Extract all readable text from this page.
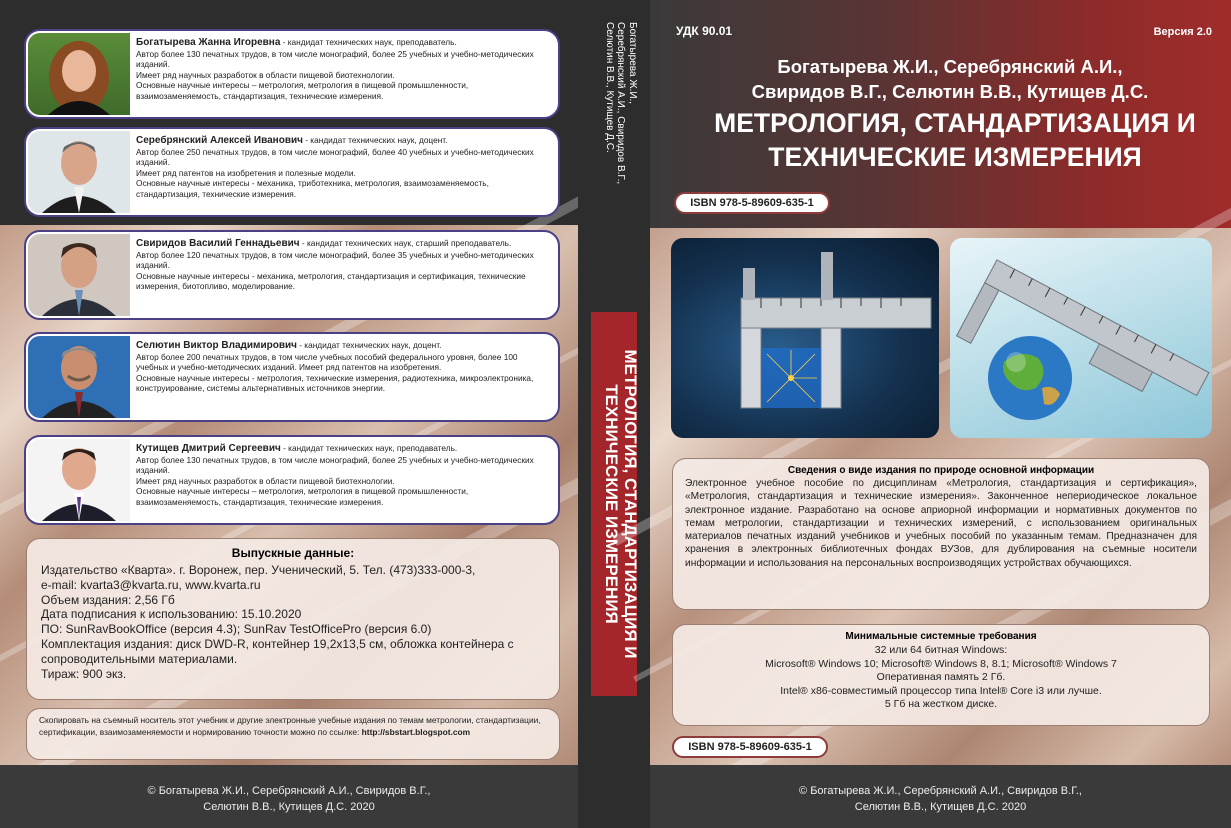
Богатырева Жанна Игоревна - кандидат технических наук, преподаватель.
Автор более 130 печатных трудов, в том числе монографий, более 25 учебных и учебно-методических изданий.
Имеет ряд научных разработок в области пищевой биотехнологии.
Основные научные интересы – метрология, метрология в пищевой промышленности, взаимозаменяемость, стандартизация, технические измерения.
Серебрянский Алексей Иванович - кандидат технических наук, доцент.
Автор более 250 печатных трудов, в том числе монографий, более 40 учебных и учебно-методических изданий.
Имеет ряд патентов на изобретения и полезные модели.
Основные научные интересы - механика, триботехника, метрология, взаимозаменяемость, стандартизация, технические измерения.
Свиридов Василий Геннадьевич - кандидат технических наук, старший преподаватель.
Автор более 120 печатных трудов, в том числе монографий, более 35 учебных и учебно-методических изданий.
Основные научные интересы - механика, метрология, стандартизация и сертификация, технические измерения, биотопливо, моделирование.
Селютин Виктор Владимирович - кандидат технических наук, доцент.
Автор более 200 печатных трудов, в том числе учебных пособий федерального уровня, более 100 учебных и учебно-методических изданий. Имеет ряд патентов на изобретения.
Основные научные интересы - метрология, технические измерения, радиотехника, микроэлектроника, конструирование, системы альтернативных источников энергии.
Кутищев Дмитрий Сергеевич - кандидат технических наук, преподаватель.
Автор более 130 печатных трудов, в том числе монографий, более 25 учебных и учебно-методических изданий.
Имеет ряд научных разработок в области пищевой биотехнологии.
Основные научные интересы – метрология, метрология в пищевой промышленности, взаимозаменяемость, стандартизация, технические измерения.
Выпускные данные:
Издательство «Кварта». г. Воронеж, пер. Ученический, 5. Тел. (473)333-000-3,
e-mail: kvarta3@kvarta.ru, www.kvarta.ru
Объем издания: 2,56 Гб
Дата подписания к использованию: 15.10.2020
ПО: SunRavBookOffice (версия 4.3); SunRav TestOfficePro (версия 6.0)
Комплектация издания: диск DWD-R, контейнер 19,2х13,5 см, обложка контейнера с сопроводительными материалами.
Тираж: 900 экз.
Скопировать на съемный носитель этот учебник и другие электронные учебные издания по темам метрологии, стандартизации, сертификации, взаимозаменяемости и нормированию точности можно по ссылке: http://sbstart.blogspot.com
© Богатырева Ж.И., Серебрянский А.И., Свиридов В.Г.,
Селютин В.В., Кутищев Д.С. 2020
Богатырева Ж.И.,
Серебрянский А.И., Свиридов В.Г.,
Селютин В.В., Кутищев Д.С.
МЕТРОЛОГИЯ, СТАНДАРТИЗАЦИЯ И
ТЕХНИЧЕСКИЕ ИЗМЕРЕНИЯ
УДК 90.01	Версия 2.0
Богатырева Ж.И., Серебрянский А.И.,
Свиридов В.Г., Селютин В.В., Кутищев Д.С.
МЕТРОЛОГИЯ, СТАНДАРТИЗАЦИЯ И
ТЕХНИЧЕСКИЕ ИЗМЕРЕНИЯ
ISBN 978-5-89609-635-1
Сведения о виде издания по природе основной информации
Электронное учебное пособие по дисциплинам «Метрология, стандартизация и сертификация», «Метрология, стандартизация и технические измерения». Законченное непериодическое локальное электронное издание. Разработано на основе априорной информации и нормативных документов по темам метрологии, стандартизации и технических измерений, с использованием оригинальных материалов печатных изданий учебников и учебных пособий по указанным темам. Предназначен для хранения в электронных библиотечных фондах ВУЗов, для дублирования на съемные носители информации и использования на персональных воспроизводящих устройствах обучающихся.
Минимальные системные требования
32 или 64 битная Windows:
Microsoft® Windows 10; Microsoft® Windows 8, 8.1; Microsoft® Windows 7
Оперативная память 2 Гб.
Intel® x86-совместимый процессор типа Intel® Core i3 или лучше.
5 Гб на жестком диске.
ISBN 978-5-89609-635-1
© Богатырева Ж.И., Серебрянский А.И., Свиридов В.Г.,
Селютин В.В., Кутищев Д.С. 2020
